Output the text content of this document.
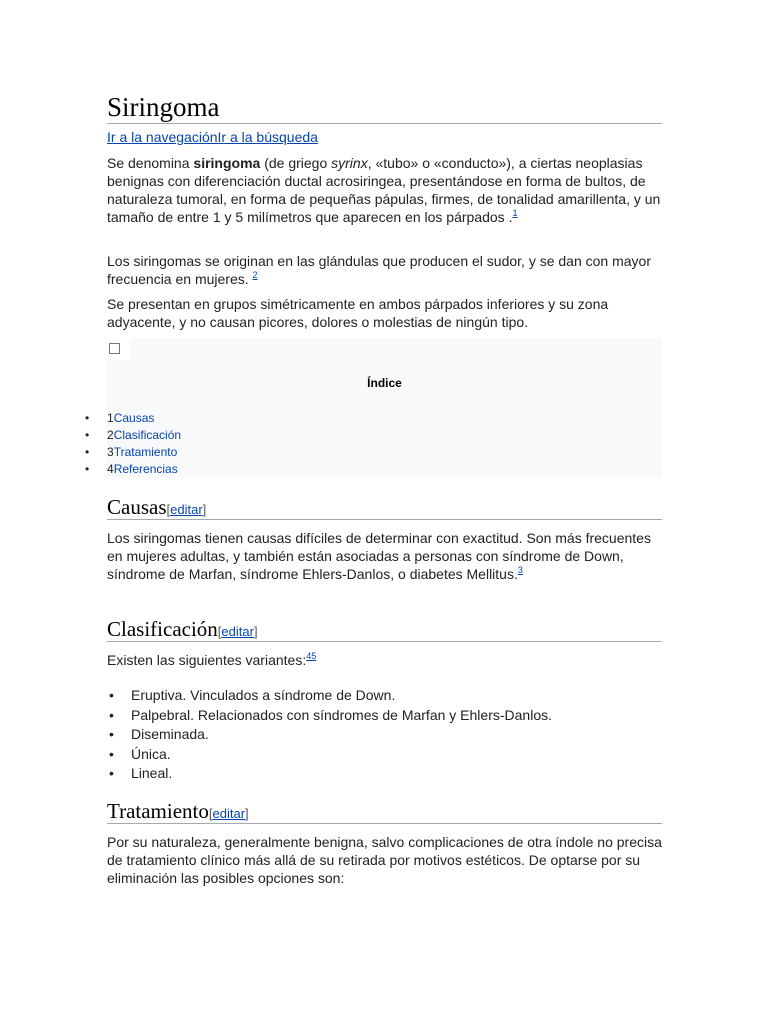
Siringoma
Ir a la navegaciónIr a la búsqueda

Se denomina siringoma (de griego syrinx, «tubo» o «conducto»), a ciertas neoplasias benignas con diferenciación ductal acrosiringea, presentándose en forma de bultos, de naturaleza tumoral, en forma de pequeñas pápulas, firmes, de tonalidad amarillenta, y un tamaño de entre 1 y 5 milímetros que aparecen en los párpados .$^1$

Los siringomas se originan en las glándulas que producen el sudor, y se dan con mayor frecuencia en mujeres. $^2$

Se presentan en grupos simétricamente en ambos párpados inferiores y su zona adyacente, y no causan picores, dolores o molestias de ningún tipo.

Índice
• 1Causas
• 2Clasificación
• 3Tratamiento
• 4Referencias
Causas[editar]

Los siringomas tienen causas difíciles de determinar con exactitud. Son más frecuentes en mujeres adultas, y también están asociadas a personas con síndrome de Down, síndrome de Marfan, síndrome Ehlers-Danlos, o diabetes Mellitus.$^3$

Clasificación[editar]

Existen las siguientes variantes:$^{45}$

• Eruptiva. Vinculados a síndrome de Down.
• Palpebral. Relacionados con síndromes de Marfan y Ehlers-Danlos.
• Diseminada.
• Única.
• Lineal.
Tratamiento[editar]

Por su naturaleza, generalmente benigna, salvo complicaciones de otra índole no precisa de tratamiento clínico más allá de su retirada por motivos estéticos. De optarse por su eliminación las posibles opciones son:
